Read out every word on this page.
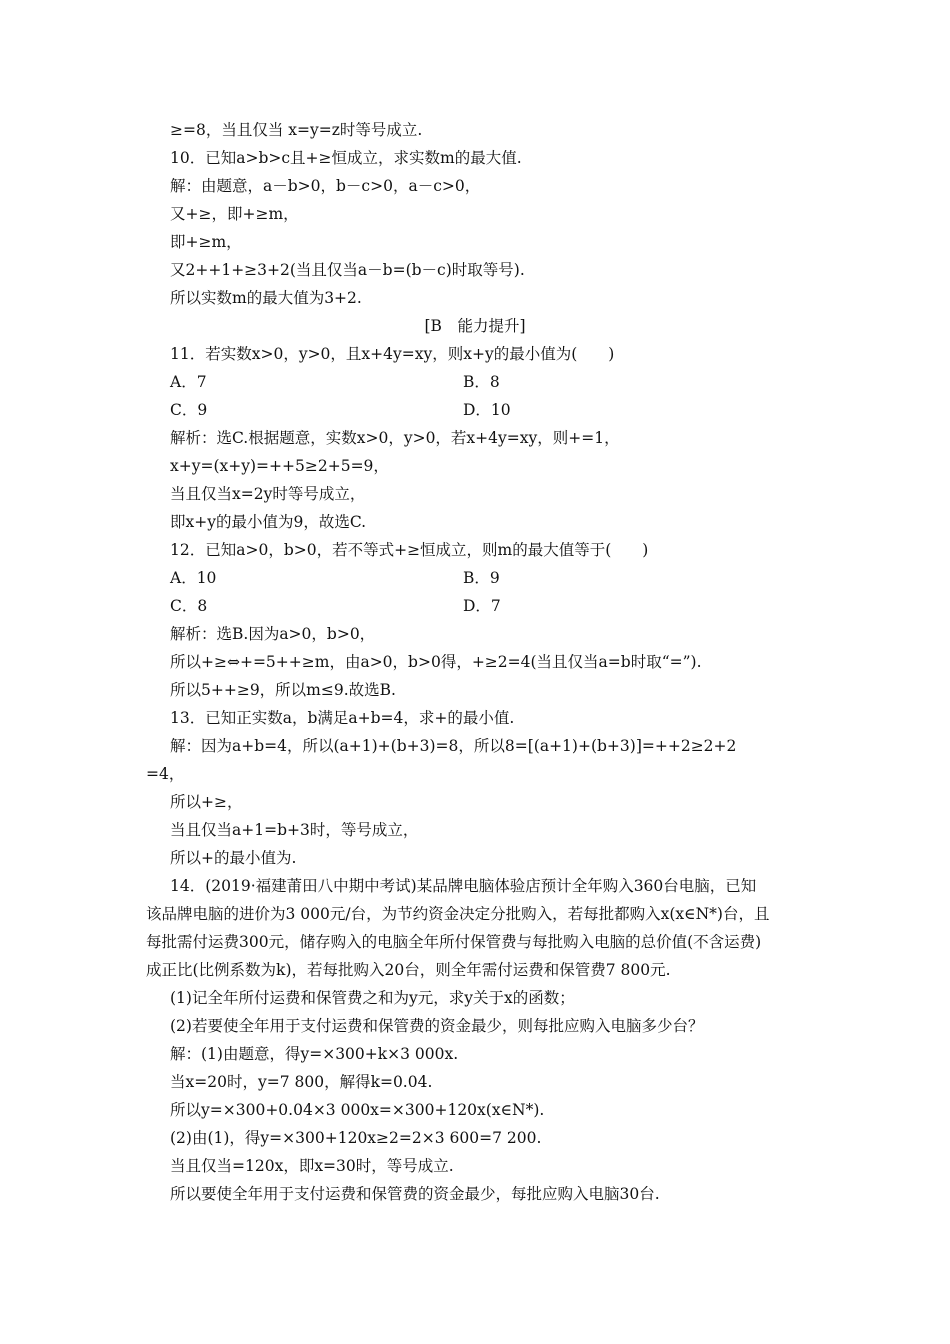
≥=8，当且仅当 x=y=z时等号成立.
10．已知a>b>c且+≥恒成立，求实数m的最大值.
解：由题意，a－b>0，b－c>0，a－c>0，
又+≥，即+≥m，
即+≥m，
又2++1+≥3+2(当且仅当a－b=(b－c)时取等号).
所以实数m的最大值为3+2.
[B　能力提升]
11．若实数x>0，y>0，且x+4y=xy，则x+y的最小值为(　　)
A．7	B．8
C．9	D．10
解析：选C.根据题意，实数x>0，y>0，若x+4y=xy，则+=1，
x+y=(x+y)=++5≥2+5=9，
当且仅当x=2y时等号成立，
即x+y的最小值为9，故选C.
12．已知a>0，b>0，若不等式+≥恒成立，则m的最大值等于(　　)
A．10	B．9
C．8	D．7
解析：选B.因为a>0，b>0，
所以+≥⇔+=5++≥m，由a>0，b>0得，+≥2=4(当且仅当a=b时取“=”).
所以5++≥9，所以m≤9.故选B.
13．已知正实数a，b满足a+b=4，求+的最小值.
解：因为a+b=4，所以(a+1)+(b+3)=8，所以8=[(a+1)+(b+3)]=++2≥2+2
=4，
所以+≥，
当且仅当a+1=b+3时，等号成立，
所以+的最小值为.
14．(2019·福建莆田八中期中考试)某品牌电脑体验店预计全年购入360台电脑，已知
该品牌电脑的进价为3 000元/台，为节约资金决定分批购入，若每批都购入x(x∈N*)台，且
每批需付运费300元，储存购入的电脑全年所付保管费与每批购入电脑的总价值(不含运费)
成正比(比例系数为k)，若每批购入20台，则全年需付运费和保管费7 800元.
(1)记全年所付运费和保管费之和为y元，求y关于x的函数；
(2)若要使全年用于支付运费和保管费的资金最少，则每批应购入电脑多少台？
解：(1)由题意，得y=×300+k×3 000x.
当x=20时，y=7 800，解得k=0.04.
所以y=×300+0.04×3 000x=×300+120x(x∈N*).
(2)由(1)，得y=×300+120x≥2=2×3 600=7 200.
当且仅当=120x，即x=30时，等号成立.
所以要使全年用于支付运费和保管费的资金最少，每批应购入电脑30台.
